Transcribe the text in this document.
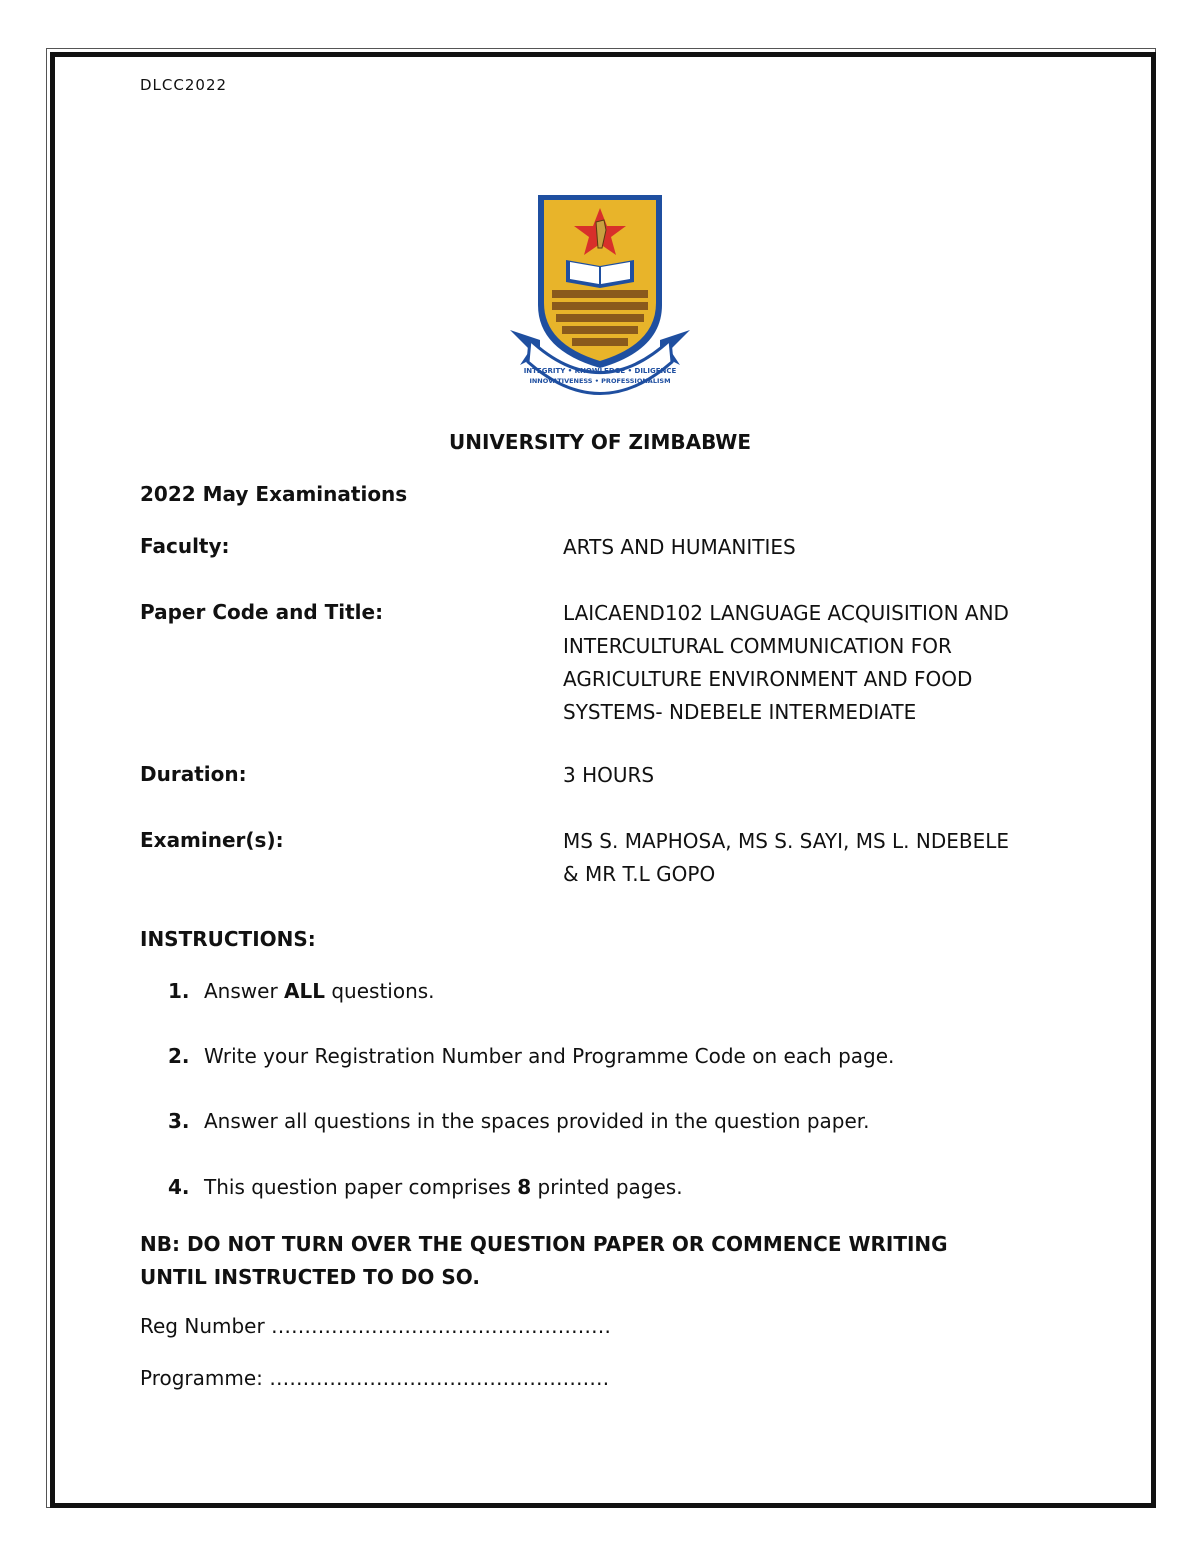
DLCC2022
INTEGRITY • KNOWLEDGE • DILIGENCE
INNOVATIVENESS • PROFESSIONALISM
UNIVERSITY OF ZIMBABWE
2022 May Examinations
Faculty:	ARTS AND HUMANITIES
Paper Code and Title:	LAICAEND102 LANGUAGE ACQUISITION AND
INTERCULTURAL COMMUNICATION FOR
AGRICULTURE ENVIRONMENT AND FOOD
SYSTEMS- NDEBELE INTERMEDIATE
Duration:	3 HOURS
Examiner(s):	MS S. MAPHOSA, MS S. SAYI, MS L. NDEBELE
& MR T.L GOPO
INSTRUCTIONS:
1. Answer ALL questions.
2. Write your Registration Number and Programme Code on each page.
3. Answer all questions in the spaces provided in the question paper.
4. This question paper comprises 8 printed pages.
NB: DO NOT TURN OVER THE QUESTION PAPER OR COMMENCE WRITING
UNTIL INSTRUCTED TO DO SO.
Reg Number ……………………………………………
Programme: ……………………………………………
